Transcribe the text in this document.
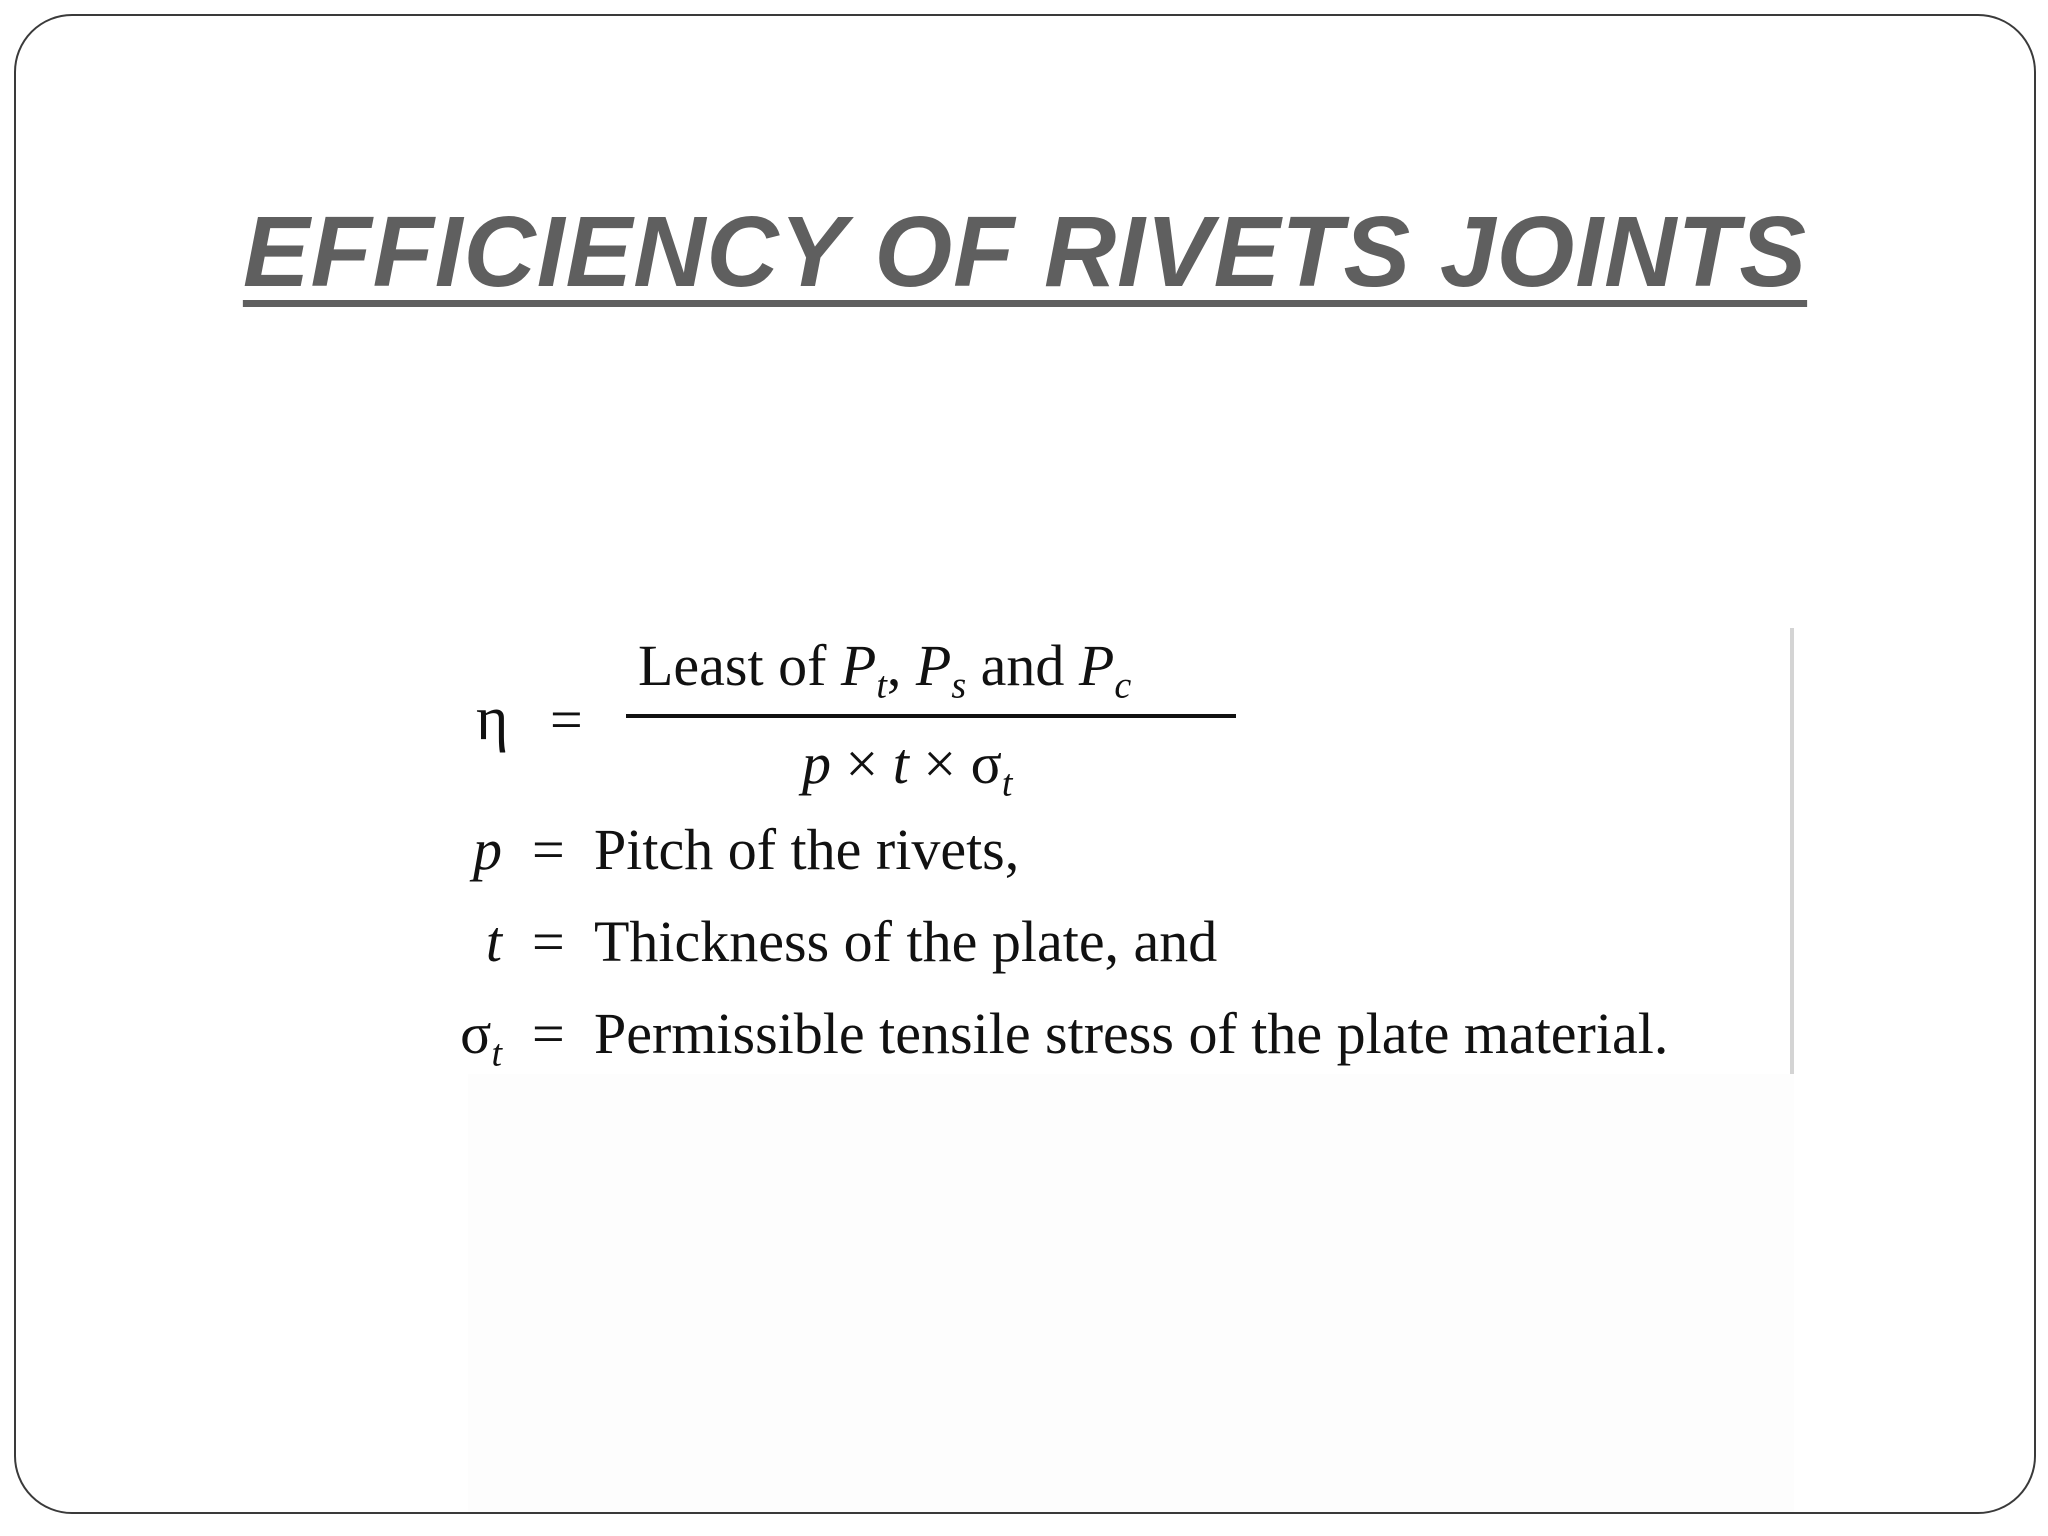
EFFICIENCY OF RIVETS JOINTS
η =
Least of $P_t$, $P_s$ and $P_c$
$p \times t \times \sigma_t$
p = Pitch of the rivets,
t = Thickness of the plate, and
$\sigma_t$ = Permissible tensile stress of the plate material.
